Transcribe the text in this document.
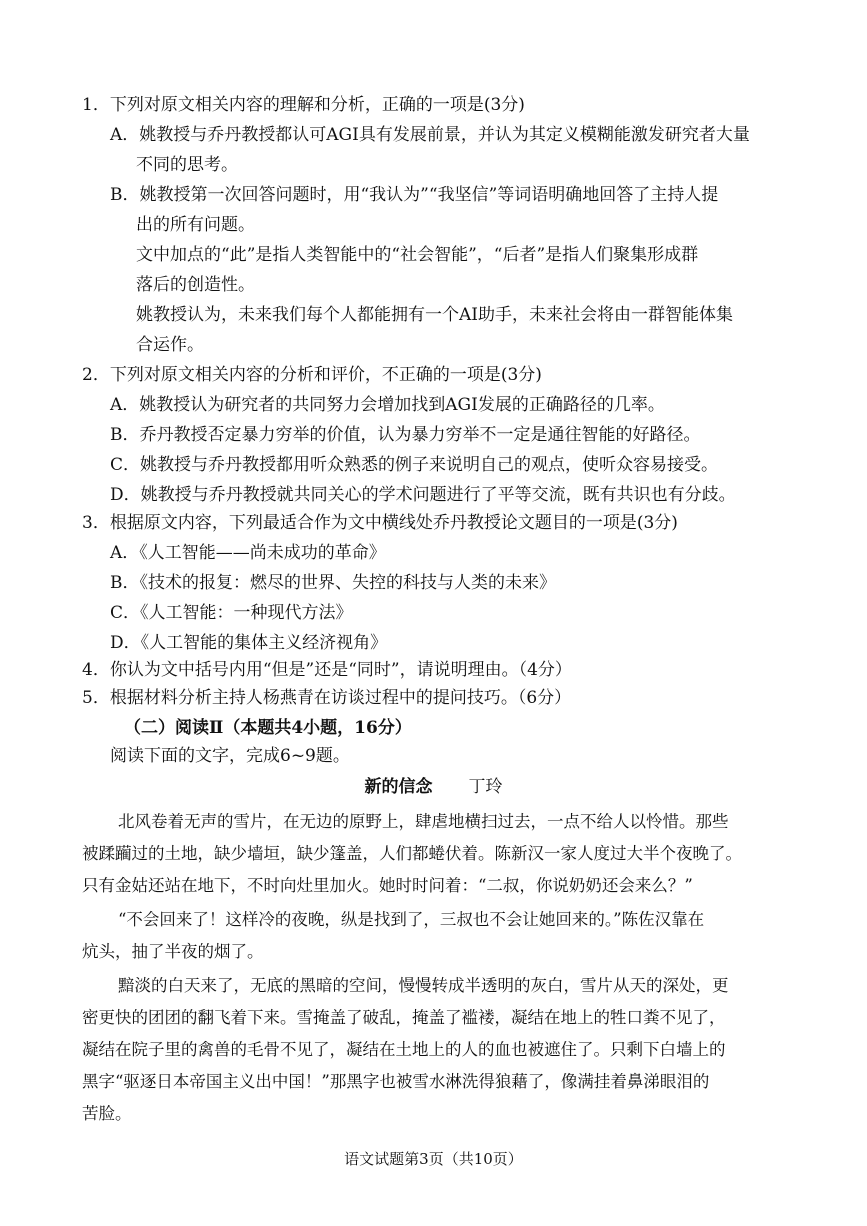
1．下列对原文相关内容的理解和分析，正确的一项是(3分)
A．姚教授与乔丹教授都认可AGI具有发展前景，并认为其定义模糊能激发研究者大量
不同的思考。
B．姚教授第一次回答问题时，用“我认为”“我坚信”等词语明确地回答了主持人提
出的所有问题。
文中加点的“此”是指人类智能中的“社会智能”，“后者”是指人们聚集形成群
落后的创造性。
姚教授认为，未来我们每个人都能拥有一个AI助手，未来社会将由一群智能体集
合运作。
2．下列对原文相关内容的分析和评价，不正确的一项是(3分)
A．姚教授认为研究者的共同努力会增加找到AGI发展的正确路径的几率。
B．乔丹教授否定暴力穷举的价值，认为暴力穷举不一定是通往智能的好路径。
C．姚教授与乔丹教授都用听众熟悉的例子来说明自己的观点，使听众容易接受。
D．姚教授与乔丹教授就共同关心的学术问题进行了平等交流，既有共识也有分歧。
3．根据原文内容，下列最适合作为文中横线处乔丹教授论文题目的一项是(3分)
A．《人工智能——尚未成功的革命》
B．《技术的报复：燃尽的世界、失控的科技与人类的未来》
C．《人工智能：一种现代方法》
D．《人工智能的集体主义经济视角》
4．你认为文中括号内用“但是”还是“同时”，请说明理由。（4分）
5．根据材料分析主持人杨燕青在访谈过程中的提问技巧。（6分）
（二）阅读Ⅱ（本题共4小题，16分）
阅读下面的文字，完成6~9题。
新的信念 丁玲
北风卷着无声的雪片，在无边的原野上，肆虐地横扫过去，一点不给人以怜惜。那些
被蹂躏过的土地，缺少墙垣，缺少篷盖，人们都蜷伏着。陈新汉一家人度过大半个夜晚了。
只有金姑还站在地下，不时向灶里加火。她时时问着：“二叔，你说奶奶还会来么？”
“不会回来了！这样冷的夜晚，纵是找到了，三叔也不会让她回来的。”陈佐汉靠在
炕头，抽了半夜的烟了。
黯淡的白天来了，无底的黑暗的空间，慢慢转成半透明的灰白，雪片从天的深处，更
密更快的团团的翻飞着下来。雪掩盖了破乱，掩盖了褴褛，凝结在地上的牲口粪不见了，
凝结在院子里的禽兽的毛骨不见了，凝结在土地上的人的血也被遮住了。只剩下白墙上的
黑字“驱逐日本帝国主义出中国！”那黑字也被雪水淋洗得狼藉了，像满挂着鼻涕眼泪的
苦脸。
语文试题第3页（共10页）
